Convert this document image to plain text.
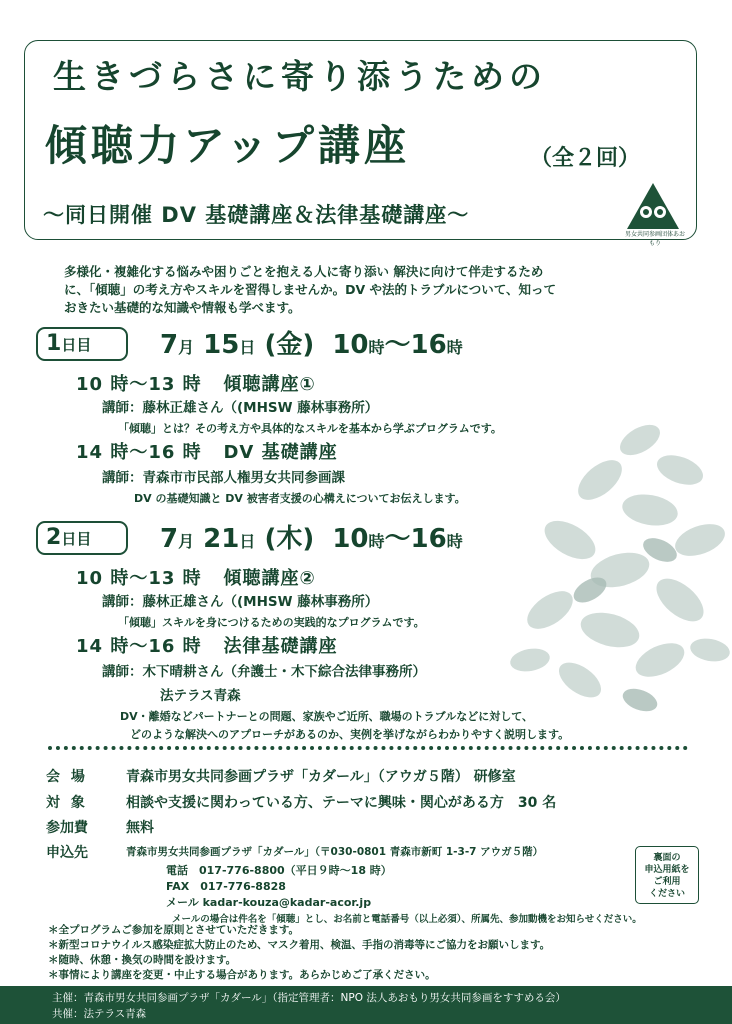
生きづらさに寄り添うための
傾聴力アップ講座	（全２回）
〜同日開催 DV 基礎講座＆法律基礎講座〜
男女共同参画団体あおもり
多様化・複雑化する悩みや困りごとを抱える人に寄り添い 解決に向けて伴走するため
に、「傾聴」の考え方やスキルを習得しませんか。DV や法的トラブルについて、知って
おきたい基礎的な知識や情報も学べます。
1日目	7月 15日 (金) 10時〜16時
10 時〜13 時 傾聴講座①
講師：藤林正雄さん（(MHSW 藤林事務所）
「傾聴」とは？その考え方や具体的なスキルを基本から学ぶプログラムです。
14 時〜16 時 DV 基礎講座
講師：青森市市民部人権男女共同参画課
DV の基礎知識と DV 被害者支援の心構えについてお伝えします。
2日目	7月 21日 (木) 10時〜16時
10 時〜13 時 傾聴講座②
講師：藤林正雄さん（(MHSW 藤林事務所）
「傾聴」スキルを身につけるための実践的なプログラムです。
14 時〜16 時 法律基礎講座
講師：木下晴耕さん（弁護士・木下綜合法律事務所）
法テラス青森
DV・離婚などパートナーとの問題、家族やご近所、職場のトラブルなどに対して、
どのような解決へのアプローチがあるのか、実例を挙げながらわかりやすく説明します。
会 場	青森市男女共同参画プラザ「カダール」（アウガ５階） 研修室
対 象	相談や支援に関わっている方、テーマに興味・関心がある方　30 名
参加費	無料
申込先	青森市男女共同参画プラザ「カダール」（〒030-0801 青森市新町 1-3-7 アウガ５階）
電話　017-776-8800（平日９時〜18 時）
FAX　017-776-8828
メール kadar-kouza@kadar-acor.jp
メールの場合は件名を「傾聴」とし、お名前と電話番号（以上必須）、所属先、参加動機をお知らせください。
裏面の
申込用紙を
ご利用
ください
＊全プログラムご参加を原則とさせていただきます。
＊新型コロナウイルス感染症拡大防止のため、マスク着用、検温、手指の消毒等にご協力をお願いします。
＊随時、休憩・換気の時間を設けます。
＊事情により講座を変更・中止する場合があります。あらかじめご了承ください。
主催：青森市男女共同参画プラザ「カダール」（指定管理者：NPO 法人あおもり男女共同参画をすすめる会）
共催：法テラス青森
